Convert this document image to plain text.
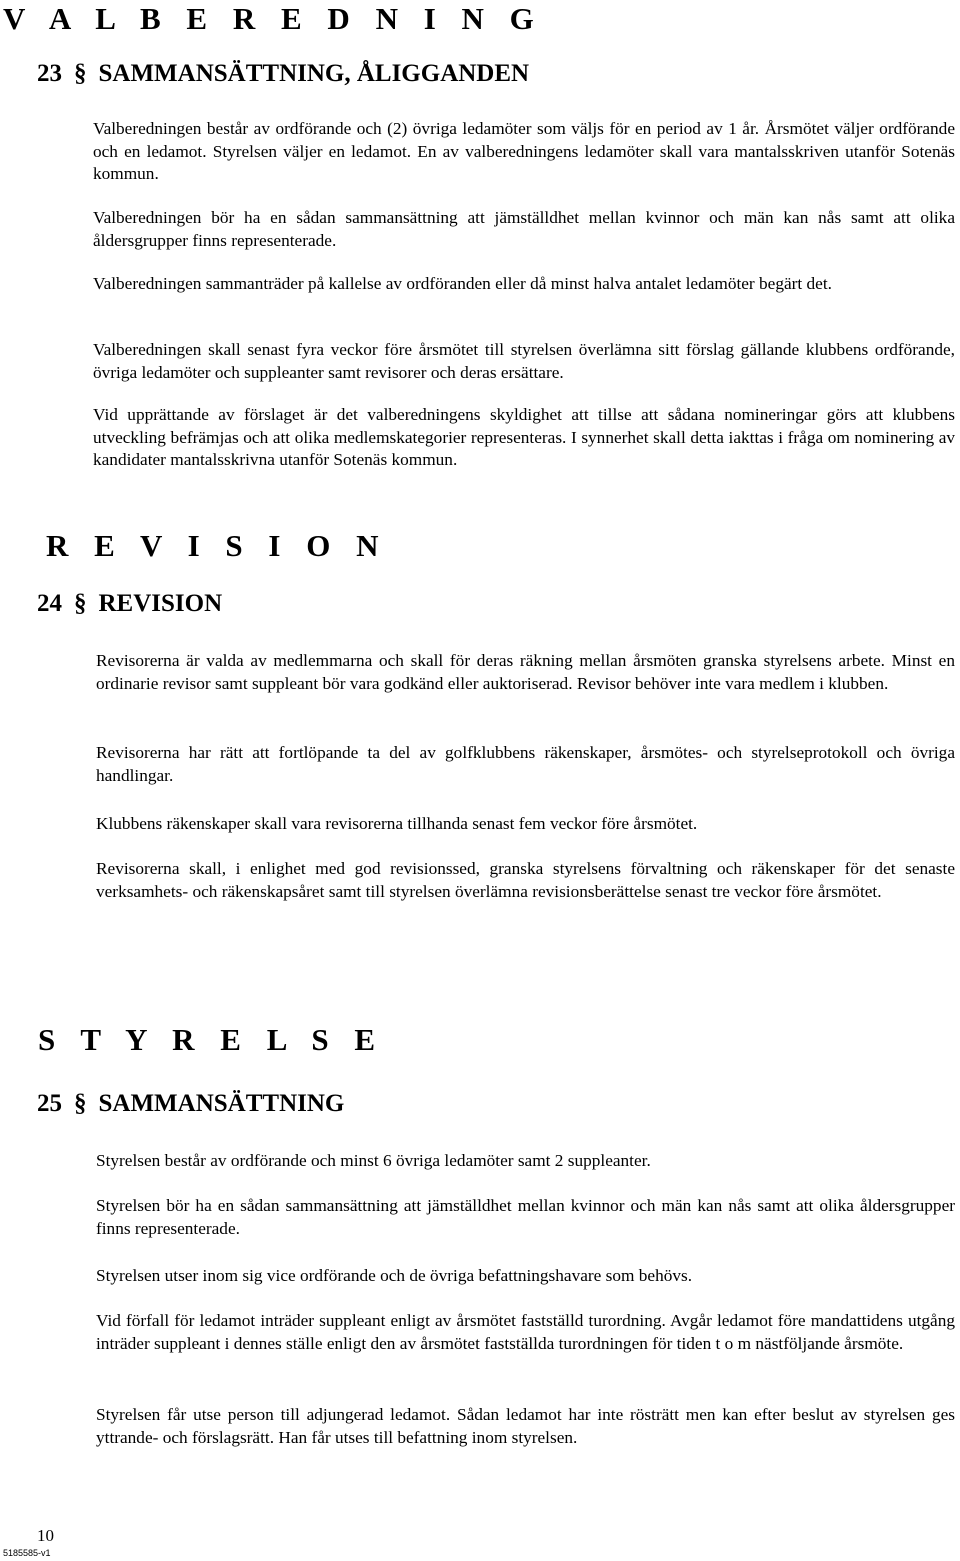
V A L B E R E D N I N G
23 § SAMMANSÄTTNING, ÅLIGGANDEN

Valberedningen består av ordförande och (2) övriga ledamöter som väljs för en period av 1 år. Årsmötet väljer ordförande och en ledamot. Styrelsen väljer en ledamot. En av valberedningens ledamöter skall vara mantalsskriven utanför Sotenäs kommun.

Valberedningen bör ha en sådan sammansättning att jämställdhet mellan kvinnor och män kan nås samt att olika åldersgrupper finns representerade.

Valberedningen sammanträder på kallelse av ordföranden eller då minst halva antalet ledamöter begärt det.

Valberedningen skall senast fyra veckor före årsmötet till styrelsen överlämna sitt förslag gällande klubbens ordförande, övriga ledamöter och suppleanter samt revisorer och deras ersättare.

Vid upprättande av förslaget är det valberedningens skyldighet att tillse att sådana nomineringar görs att klubbens utveckling befrämjas och att olika medlemskategorier representeras. I synnerhet skall detta iakttas i fråga om nominering av kandidater mantalsskrivna utanför Sotenäs kommun.

R E V I S I O N
24 § REVISION

Revisorerna är valda av medlemmarna och skall för deras räkning mellan årsmöten granska styrelsens arbete. Minst en ordinarie revisor samt suppleant bör vara godkänd eller auktoriserad. Revisor behöver inte vara medlem i klubben.

Revisorerna har rätt att fortlöpande ta del av golfklubbens räkenskaper, årsmötes- och styrelseprotokoll och övriga handlingar.

Klubbens räkenskaper skall vara revisorerna tillhanda senast fem veckor före årsmötet.

Revisorerna skall, i enlighet med god revisionssed, granska styrelsens förvaltning och räkenskaper för det senaste verksamhets- och räkenskapsåret samt till styrelsen överlämna revisionsberättelse senast tre veckor före årsmötet.

S T Y R E L S E
25 § SAMMANSÄTTNING

Styrelsen består av ordförande och minst 6 övriga ledamöter samt 2 suppleanter.

Styrelsen bör ha en sådan sammansättning att jämställdhet mellan kvinnor och män kan nås samt att olika åldersgrupper finns representerade.

Styrelsen utser inom sig vice ordförande och de övriga befattningshavare som behövs.

Vid förfall för ledamot inträder suppleant enligt av årsmötet fastställd turordning. Avgår ledamot före mandattidens utgång inträder suppleant i dennes ställe enligt den av årsmötet fastställda turordningen för tiden t o m nästföljande årsmöte.

Styrelsen får utse person till adjungerad ledamot. Sådan ledamot har inte rösträtt men kan efter beslut av styrelsen ges yttrande- och förslagsrätt. Han får utses till befattning inom styrelsen.

10

5185585-v1
